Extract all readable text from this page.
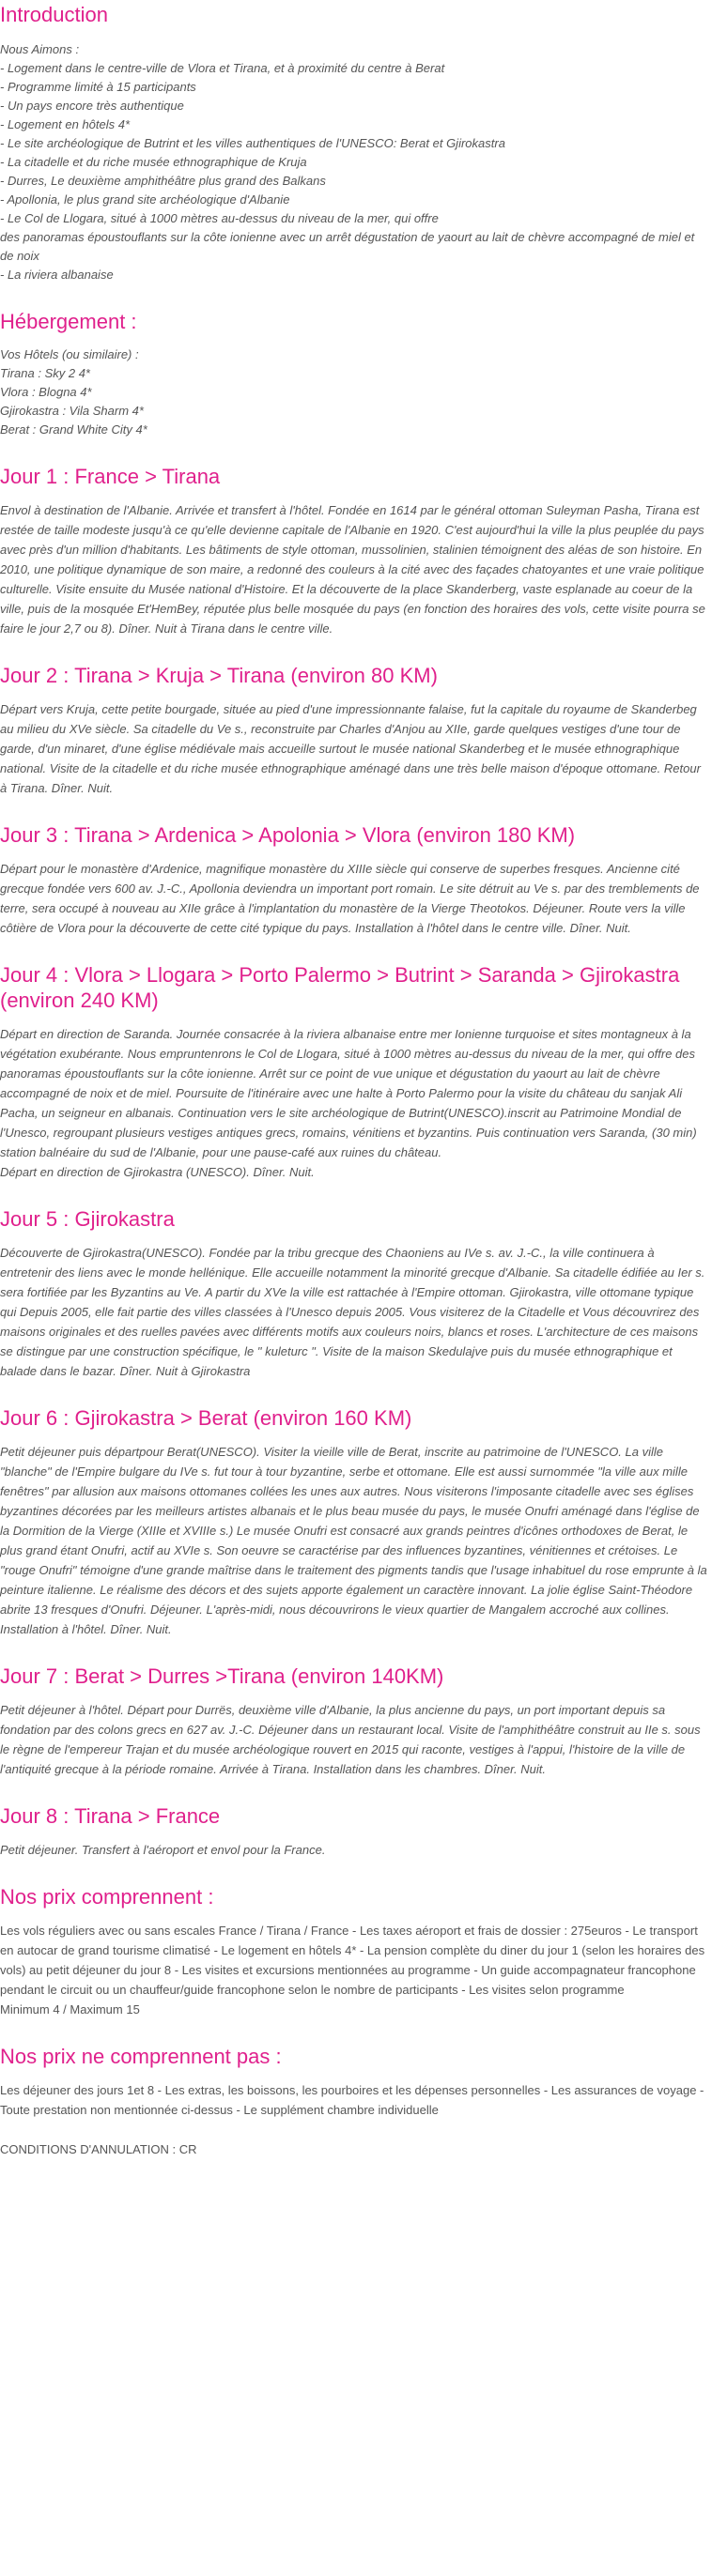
Introduction
Nous Aimons :
- Logement dans le centre-ville de Vlora et Tirana, et à proximité du centre à Berat
- Programme limité à 15 participants
- Un pays encore très authentique
- Logement en hôtels 4*
- Le site archéologique de Butrint et les villes authentiques de l'UNESCO: Berat et Gjirokastra
- La citadelle et du riche musée ethnographique de Kruja
- Durres, Le deuxième amphithéâtre plus grand des Balkans
- Apollonia, le plus grand site archéologique d'Albanie
- Le Col de Llogara, situé à 1000 mètres au-dessus du niveau de la mer, qui offre
des panoramas époustouflants sur la côte ionienne avec un arrêt dégustation de yaourt au lait de chèvre accompagné de miel et de noix
- La riviera albanaise
Hébergement :
Vos Hôtels (ou similaire) :
Tirana : Sky 2 4*
Vlora : Blogna 4*
Gjirokastra : Vila Sharm 4*
Berat : Grand White City 4*
Jour 1 : France > Tirana

Envol à destination de l'Albanie. Arrivée et transfert à l'hôtel. Fondée en 1614 par le général ottoman Suleyman Pasha, Tirana est restée de taille modeste jusqu'à ce qu'elle devienne capitale de l'Albanie en 1920. C'est aujourd'hui la ville la plus peuplée du pays avec près d'un million d'habitants. Les bâtiments de style ottoman, mussolinien, stalinien témoignent des aléas de son histoire. En 2010, une politique dynamique de son maire, a redonné des couleurs à la cité avec des façades chatoyantes et une vraie politique culturelle. Visite ensuite du Musée national d'Histoire. Et la découverte de la place Skanderberg, vaste esplanade au coeur de la ville, puis de la mosquée Et'HemBey, réputée plus belle mosquée du pays (en fonction des horaires des vols, cette visite pourra se faire le jour 2,7 ou 8). Dîner. Nuit à Tirana dans le centre ville.

Jour 2 : Tirana > Kruja > Tirana (environ 80 KM)

Départ vers Kruja, cette petite bourgade, située au pied d'une impressionnante falaise, fut la capitale du royaume de Skanderbeg au milieu du XVe siècle. Sa citadelle du Ve s., reconstruite par Charles d'Anjou au XIIe, garde quelques vestiges d'une tour de garde, d'un minaret, d'une église médiévale mais accueille surtout le musée national Skanderbeg et le musée ethnographique national. Visite de la citadelle et du riche musée ethnographique aménagé dans une très belle maison d'époque ottomane. Retour à Tirana. Dîner. Nuit.

Jour 3 : Tirana > Ardenica > Apolonia > Vlora (environ 180 KM)

Départ pour le monastère d'Ardenice, magnifique monastère du XIIIe siècle qui conserve de superbes fresques. Ancienne cité grecque fondée vers 600 av. J.-C., Apollonia deviendra un important port romain. Le site détruit au Ve s. par des tremblements de terre, sera occupé à nouveau au XIIe grâce à l'implantation du monastère de la Vierge Theotokos. Déjeuner. Route vers la ville côtière de Vlora pour la découverte de cette cité typique du pays. Installation à l'hôtel dans le centre ville. Dîner. Nuit.

Jour 4 : Vlora > Llogara > Porto Palermo > Butrint > Saranda > Gjirokastra (environ 240 KM)

Départ en direction de Saranda. Journée consacrée à la riviera albanaise entre mer Ionienne turquoise et sites montagneux à la végétation exubérante. Nous empruntenrons le Col de Llogara, situé à 1000 mètres au-dessus du niveau de la mer, qui offre des panoramas époustouflants sur la côte ionienne. Arrêt sur ce point de vue unique et dégustation du yaourt au lait de chèvre accompagné de noix et de miel. Poursuite de l'itinéraire avec une halte à Porto Palermo pour la visite du château du sanjak Ali Pacha, un seigneur en albanais. Continuation vers le site archéologique de Butrint(UNESCO).inscrit au Patrimoine Mondial de l'Unesco, regroupant plusieurs vestiges antiques grecs, romains, vénitiens et byzantins. Puis continuation vers Saranda, (30 min) station balnéaire du sud de l'Albanie, pour une pause-café aux ruines du château.

Départ en direction de Gjirokastra (UNESCO). Dîner. Nuit.

Jour 5 : Gjirokastra

Découverte de Gjirokastra(UNESCO). Fondée par la tribu grecque des Chaoniens au IVe s. av. J.-C., la ville continuera à entretenir des liens avec le monde hellénique. Elle accueille notamment la minorité grecque d'Albanie. Sa citadelle édifiée au Ier s. sera fortifiée par les Byzantins au Ve. A partir du XVe la ville est rattachée à l'Empire ottoman. Gjirokastra, ville ottomane typique qui Depuis 2005, elle fait partie des villes classées à l'Unesco depuis 2005. Vous visiterez de la Citadelle et Vous découvrirez des maisons originales et des ruelles pavées avec différents motifs aux couleurs noirs, blancs et roses. L'architecture de ces maisons se distingue par une construction spécifique, le " kuleturc ". Visite de la maison Skedulajve puis du musée ethnographique et balade dans le bazar. Dîner. Nuit à Gjirokastra

Jour 6 : Gjirokastra > Berat (environ 160 KM)

Petit déjeuner puis départpour Berat(UNESCO). Visiter la vieille ville de Berat, inscrite au patrimoine de l'UNESCO. La ville "blanche" de l'Empire bulgare du IVe s. fut tour à tour byzantine, serbe et ottomane. Elle est aussi surnommée "la ville aux mille fenêtres" par allusion aux maisons ottomanes collées les unes aux autres. Nous visiterons l'imposante citadelle avec ses églises byzantines décorées par les meilleurs artistes albanais et le plus beau musée du pays, le musée Onufri aménagé dans l'église de la Dormition de la Vierge (XIIIe et XVIIIe s.) Le musée Onufri est consacré aux grands peintres d'icônes orthodoxes de Berat, le plus grand étant Onufri, actif au XVIe s. Son oeuvre se caractérise par des influences byzantines, vénitiennes et crétoises. Le "rouge Onufri" témoigne d'une grande maîtrise dans le traitement des pigments tandis que l'usage inhabituel du rose emprunte à la peinture italienne. Le réalisme des décors et des sujets apporte également un caractère innovant. La jolie église Saint-Théodore abrite 13 fresques d'Onufri. Déjeuner. L'après-midi, nous découvrirons le vieux quartier de Mangalem accroché aux collines. Installation à l'hôtel. Dîner. Nuit.

Jour 7 : Berat > Durres >Tirana (environ 140KM)

Petit déjeuner à l'hôtel. Départ pour Durrës, deuxième ville d'Albanie, la plus ancienne du pays, un port important depuis sa fondation par des colons grecs en 627 av. J.-C. Déjeuner dans un restaurant local. Visite de l'amphithéâtre construit au IIe s. sous le règne de l'empereur Trajan et du musée archéologique rouvert en 2015 qui raconte, vestiges à l'appui, l'histoire de la ville de l'antiquité grecque à la période romaine. Arrivée à Tirana. Installation dans les chambres. Dîner. Nuit.

Jour 8 : Tirana > France

Petit déjeuner. Transfert à l'aéroport et envol pour la France.

Nos prix comprennent :

Les vols réguliers avec ou sans escales France / Tirana / France - Les taxes aéroport et frais de dossier : 275euros - Le transport en autocar de grand tourisme climatisé - Le logement en hôtels 4* - La pension complète du diner du jour 1 (selon les horaires des vols) au petit déjeuner du jour 8 - Les visites et excursions mentionnées au programme - Un guide accompagnateur francophone pendant le circuit ou un chauffeur/guide francophone selon le nombre de participants - Les visites selon programme

Minimum 4 / Maximum 15

Nos prix ne comprennent pas :

Les déjeuner des jours 1et 8 - Les extras, les boissons, les pourboires et les dépenses personnelles - Les assurances de voyage - Toute prestation non mentionnée ci-dessus - Le supplément chambre individuelle

CONDITIONS D'ANNULATION : CR
